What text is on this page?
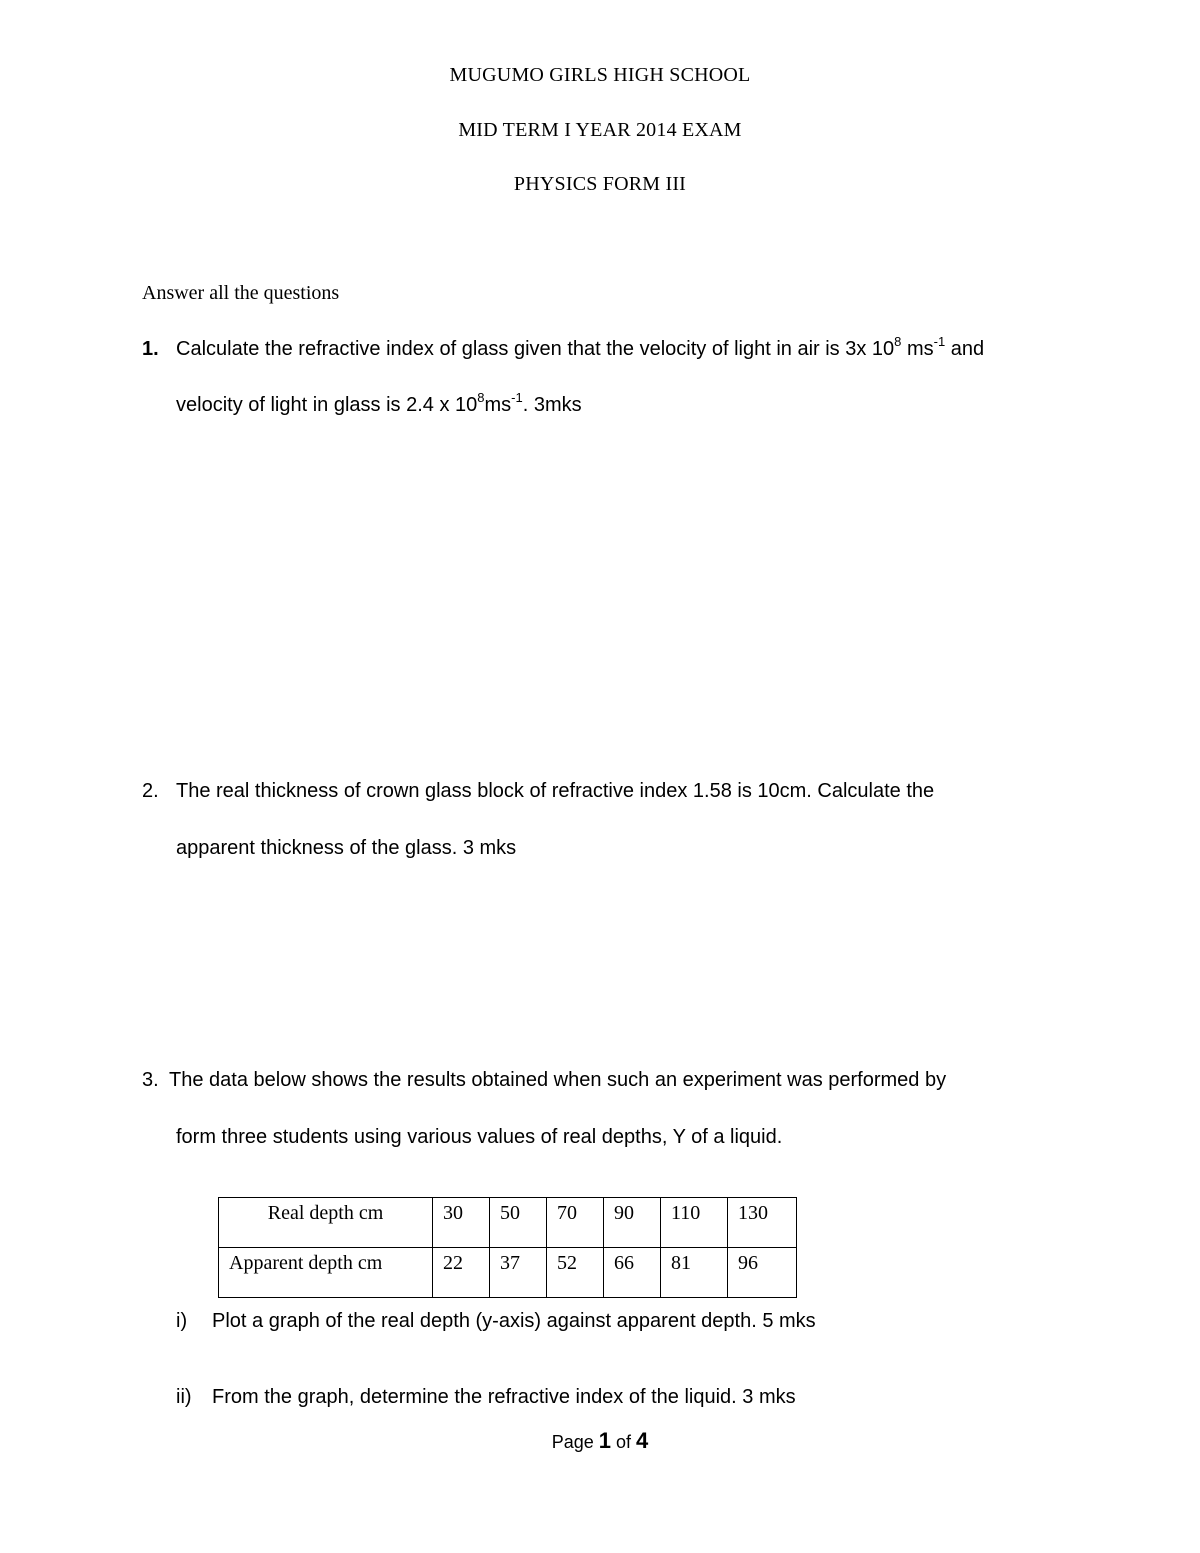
MUGUMO GIRLS HIGH SCHOOL
MID TERM I YEAR 2014 EXAM
PHYSICS FORM III
Answer all the questions
1. Calculate the refractive index of glass given that the velocity of light in air is 3x $10^8$ $ms^{-1}$ and
velocity of light in glass is 2.4 x $10^8ms^{-1}$. 3mks
2. The real thickness of crown glass block of refractive index 1.58 is 10cm. Calculate the
apparent thickness of the glass. 3 mks
3. The data below shows the results obtained when such an experiment was performed by
form three students using various values of real depths, Y of a liquid.
Real depth cm	30	50	70	90	110	130
Apparent depth cm	22	37	52	66	81	96
i) Plot a graph of the real depth (y-axis) against apparent depth. 5 mks
ii) From the graph, determine the refractive index of the liquid. 3 mks
Page 1 of 4
